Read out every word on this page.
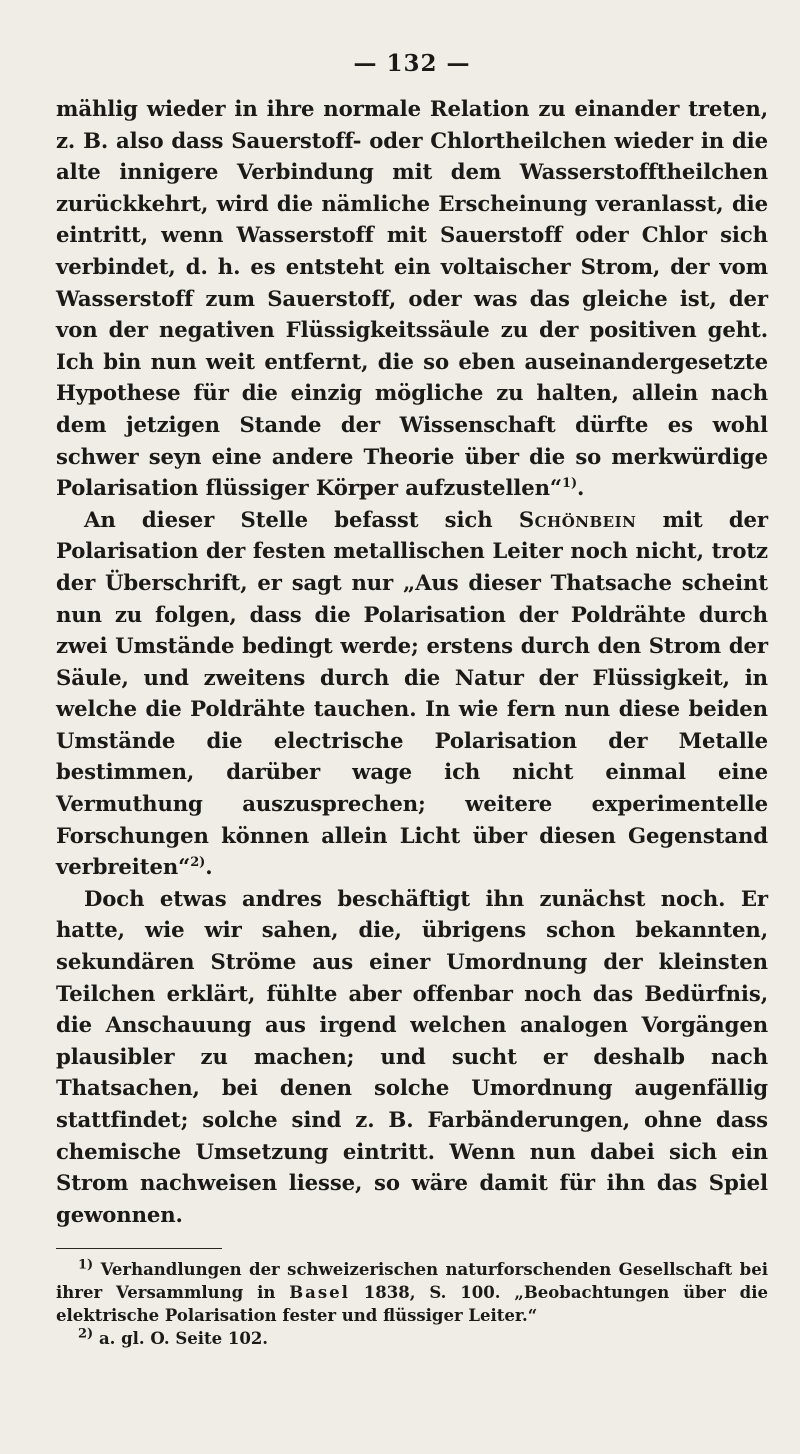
— 132 —

mählig wieder in ihre normale Relation zu einander treten, z. B. also dass Sauerstoff- oder Chlortheilchen wieder in die alte innigere Verbindung mit dem Wasserstofftheilchen zurückkehrt, wird die nämliche Erscheinung veranlasst, die eintritt, wenn Wasserstoff mit Sauerstoff oder Chlor sich verbindet, d. h. es entsteht ein voltaischer Strom, der vom Wasserstoff zum Sauerstoff, oder was das gleiche ist, der von der negativen Flüssigkeitssäule zu der positiven geht. Ich bin nun weit entfernt, die so eben auseinandergesetzte Hypothese für die einzig mögliche zu halten, allein nach dem jetzigen Stande der Wissenschaft dürfte es wohl schwer seyn eine andere Theorie über die so merkwürdige Polarisation flüssiger Körper aufzustellen“$^{1)}$.

An dieser Stelle befasst sich Schönbein mit der Polarisation der festen metallischen Leiter noch nicht, trotz der Überschrift, er sagt nur „Aus dieser Thatsache scheint nun zu folgen, dass die Polarisation der Poldrähte durch zwei Umstände bedingt werde; erstens durch den Strom der Säule, und zweitens durch die Natur der Flüssigkeit, in welche die Poldrähte tauchen. In wie fern nun diese beiden Umstände die electrische Polarisation der Metalle bestimmen, darüber wage ich nicht einmal eine Vermuthung auszusprechen; weitere experimentelle Forschungen können allein Licht über diesen Gegenstand verbreiten“$^{2)}$.

Doch etwas andres beschäftigt ihn zunächst noch. Er hatte, wie wir sahen, die, übrigens schon bekannten, sekundären Ströme aus einer Umordnung der kleinsten Teilchen erklärt, fühlte aber offenbar noch das Bedürfnis, die Anschauung aus irgend welchen analogen Vorgängen plausibler zu machen; und sucht er deshalb nach Thatsachen, bei denen solche Umordnung augenfällig stattfindet; solche sind z. B. Farbänderungen, ohne dass chemische Umsetzung eintritt. Wenn nun dabei sich ein Strom nachweisen liesse, so wäre damit für ihn das Spiel gewonnen.

$^{1)}$ Verhandlungen der schweizerischen naturforschenden Gesellschaft bei ihrer Versammlung in Basel 1838, S. 100. „Beobachtungen über die elektrische Polarisation fester und flüssiger Leiter.“

$^{2)}$ a. gl. O. Seite 102.
